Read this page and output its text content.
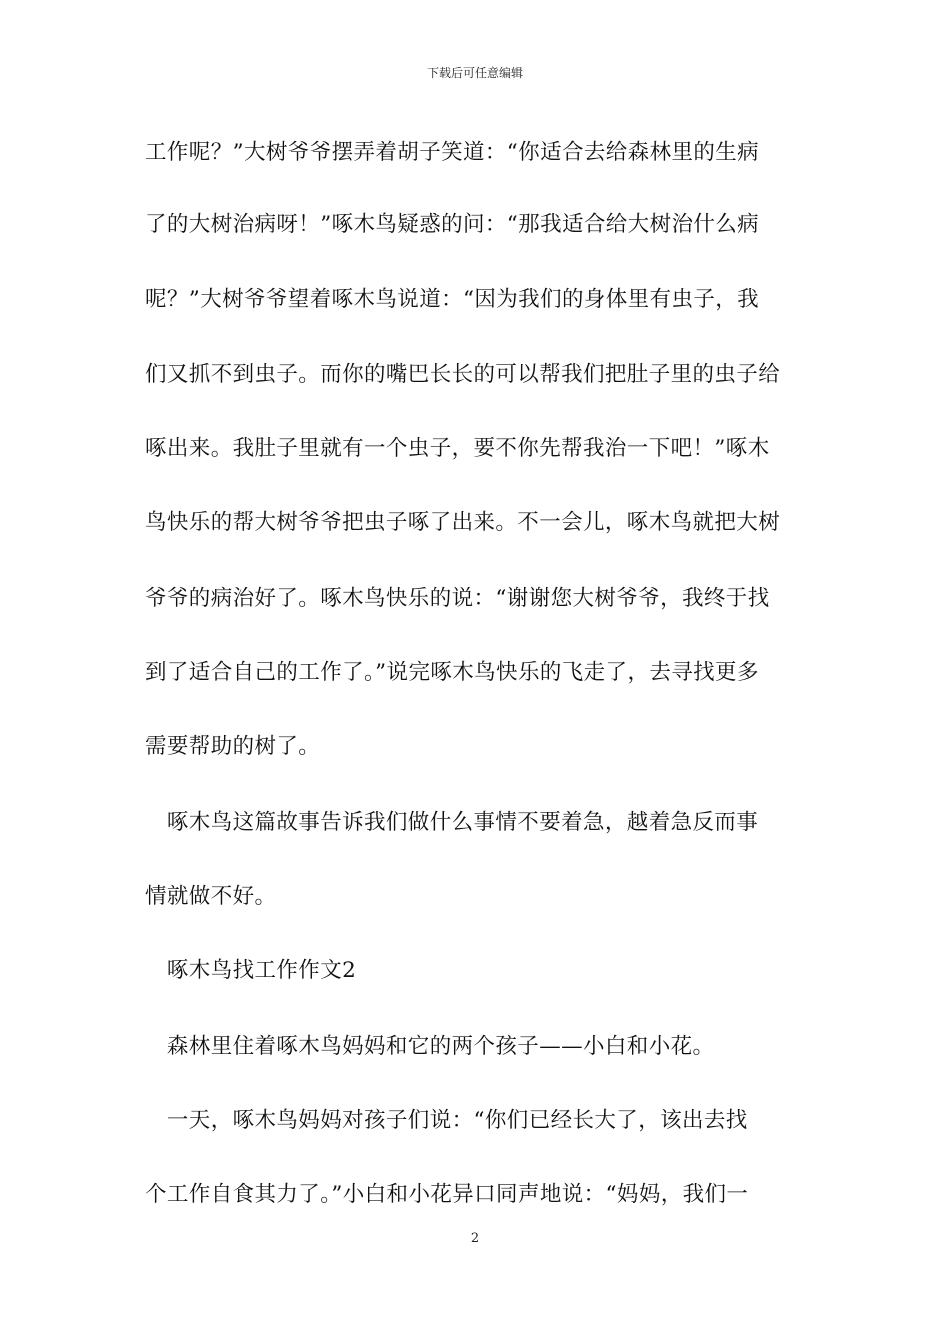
下载后可任意编辑
工作呢？”大树爷爷摆弄着胡子笑道：“你适合去给森林里的生病
了的大树治病呀！”啄木鸟疑惑的问：“那我适合给大树治什么病
呢？”大树爷爷望着啄木鸟说道：“因为我们的身体里有虫子，我
们又抓不到虫子。而你的嘴巴长长的可以帮我们把肚子里的虫子给
啄出来。我肚子里就有一个虫子，要不你先帮我治一下吧！”啄木
鸟快乐的帮大树爷爷把虫子啄了出来。不一会儿，啄木鸟就把大树
爷爷的病治好了。啄木鸟快乐的说：“谢谢您大树爷爷，我终于找
到了适合自己的工作了。”说完啄木鸟快乐的飞走了，去寻找更多
需要帮助的树了。
　啄木鸟这篇故事告诉我们做什么事情不要着急，越着急反而事
情就做不好。
　啄木鸟找工作作文2
　森林里住着啄木鸟妈妈和它的两个孩子——小白和小花。
　一天，啄木鸟妈妈对孩子们说：“你们已经长大了，该出去找
个工作自食其力了。”小白和小花异口同声地说：“妈妈，我们一
2
